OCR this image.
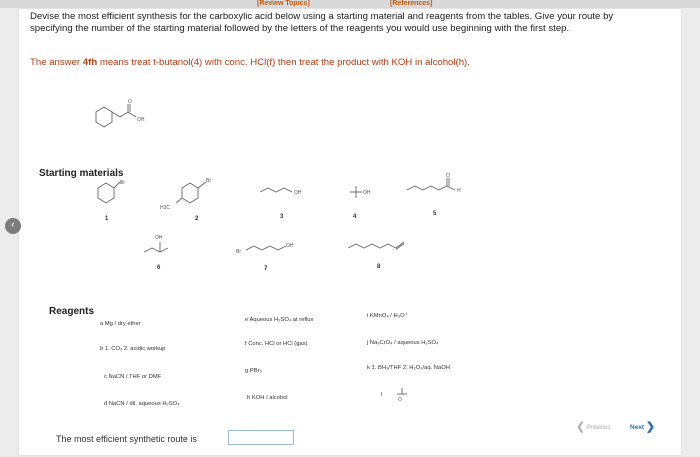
[Review Topics]	[References]
Devise the most efficient synthesis for the carboxylic acid below using a starting material and reagents from the tables. Give your route by specifying the number of the starting material followed by the letters of the reagents you would use beginning with the first step.
The answer 4fh means treat t-butanol(4) with conc. HCl(f) then treat the product with KOH in alcohol(h).
‹
O
OH
Starting materials
Br
1
H3C
Br
2
OH
3
OH
4
O
H
5
OH
6
Br
OH
7	8
Reagents
a Mg / dry ether
b 1. CO₂ 2. acidic workup
c NaCN / THF or DMF
d NaCN / dil. aqueous H₂SO₄
e Aqueous H₂SO₄ at reflux
f Conc. HCl or HCl (gas)
g PBr₃
h KOH / alcohol
i KMnO₄ / H₃O⁺
j Na₂CrO₄ / aqueous H₂SO₄
k 1. BH₃/THF 2. H₂O₂/aq. NaOH
l
O
The most efficient synthetic route is
❮ Previous	Next ❯
